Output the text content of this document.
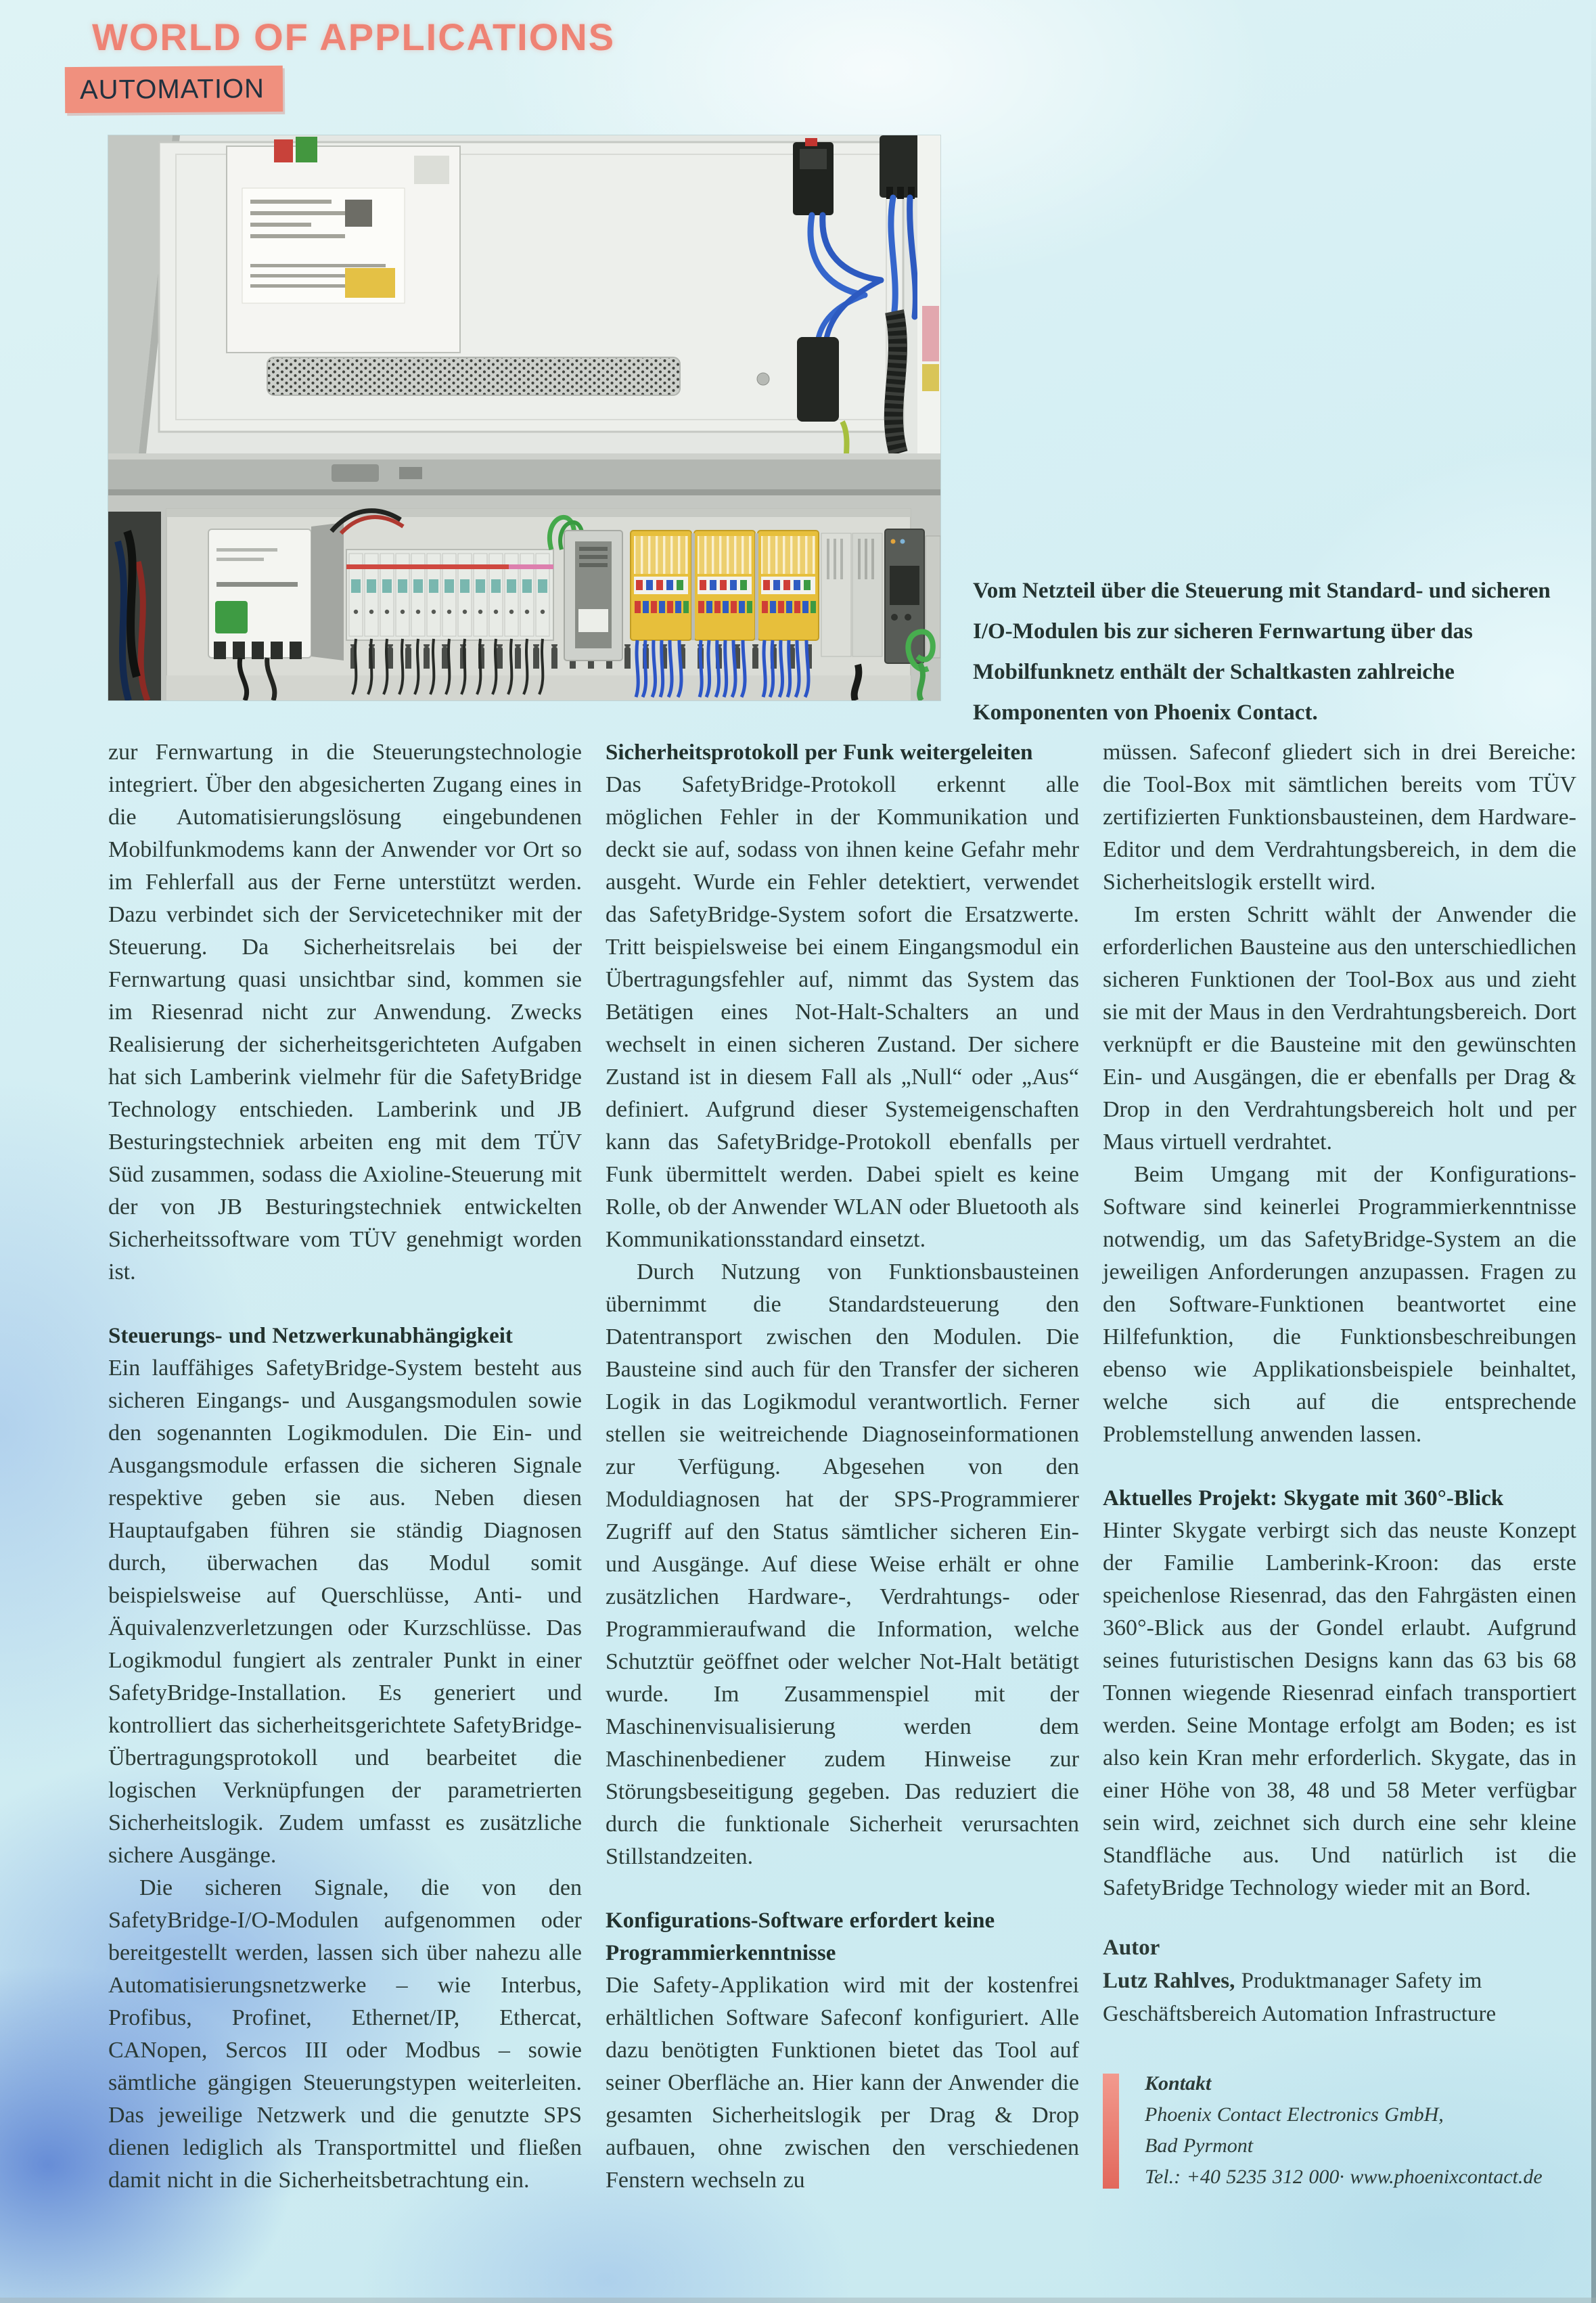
WORLD OF APPLICATIONS
AUTOMATION
Vom Netzteil über die Steuerung mit Standard- und sicheren I/O-Modulen bis zur sicheren Fernwartung über das Mobilfunknetz enthält der Schaltkasten zahlreiche Komponenten von Phoenix Contact.

zur Fernwartung in die Steuerungstechnologie integriert. Über den abgesicherten Zugang eines in die Automatisierungslösung eingebundenen Mobilfunkmodems kann der Anwender vor Ort so im Fehlerfall aus der Ferne unterstützt werden. Dazu verbindet sich der Servicetechniker mit der Steuerung. Da Sicherheitsrelais bei der Fernwartung quasi unsichtbar sind, kommen sie im Riesenrad nicht zur Anwendung. Zwecks Realisierung der sicherheitsgerichteten Aufgaben hat sich Lamberink vielmehr für die SafetyBridge Technology entschieden. Lamberink und JB Besturingstechniek arbeiten eng mit dem TÜV Süd zusammen, sodass die Axioline-Steuerung mit der von JB Besturingstechniek entwickelten Sicherheitssoftware vom TÜV genehmigt worden ist.

Steuerungs- und Netzwerkunabhängigkeit

Ein lauffähiges SafetyBridge-System besteht aus sicheren Eingangs- und Ausgangsmodulen sowie den sogenannten Logikmodulen. Die Ein- und Ausgangsmodule erfassen die sicheren Signale respektive geben sie aus. Neben diesen Hauptaufgaben führen sie ständig Diagnosen durch, überwachen das Modul somit beispielsweise auf Querschlüsse, Anti- und Äquivalenzverletzungen oder Kurzschlüsse. Das Logikmodul fungiert als zentraler Punkt in einer SafetyBridge-Installation. Es generiert und kontrolliert das sicherheitsgerichtete SafetyBridge-Übertragungsprotokoll und bearbeitet die logischen Verknüpfungen der parametrierten Sicherheitslogik. Zudem umfasst es zusätzliche sichere Ausgänge.

Die sicheren Signale, die von den SafetyBridge-I/O-Modulen aufgenommen oder bereitgestellt werden, lassen sich über nahezu alle Automatisierungsnetzwerke – wie Interbus, Profibus, Profinet, Ethernet/IP, Ethercat, CANopen, Sercos III oder Modbus – sowie sämtliche gängigen Steuerungstypen weiterleiten. Das jeweilige Netzwerk und die genutzte SPS dienen lediglich als Transportmittel und fließen damit nicht in die Sicherheitsbetrachtung ein.

Sicherheitsprotokoll per Funk weitergeleiten

Das SafetyBridge-Protokoll erkennt alle möglichen Fehler in der Kommunikation und deckt sie auf, sodass von ihnen keine Gefahr mehr ausgeht. Wurde ein Fehler detektiert, verwendet das SafetyBridge-System sofort die Ersatzwerte. Tritt beispielsweise bei einem Eingangsmodul ein Übertragungsfehler auf, nimmt das System das Betätigen eines Not-Halt-Schalters an und wechselt in einen sicheren Zustand. Der sichere Zustand ist in diesem Fall als „Null“ oder „Aus“ definiert. Aufgrund dieser Systemeigenschaften kann das SafetyBridge-Protokoll ebenfalls per Funk übermittelt werden. Dabei spielt es keine Rolle, ob der Anwender WLAN oder Bluetooth als Kommunikationsstandard einsetzt.

Durch Nutzung von Funktionsbausteinen übernimmt die Standardsteuerung den Datentransport zwischen den Modulen. Die Bausteine sind auch für den Transfer der sicheren Logik in das Logikmodul verantwortlich. Ferner stellen sie weitreichende Diagnoseinformationen zur Verfügung. Abgesehen von den Moduldiagnosen hat der SPS-Programmierer Zugriff auf den Status sämtlicher sicheren Ein- und Ausgänge. Auf diese Weise erhält er ohne zusätzlichen Hardware-, Verdrahtungs- oder Programmieraufwand die Information, welche Schutztür geöffnet oder welcher Not-Halt betätigt wurde. Im Zusammenspiel mit der Maschinenvisualisierung werden dem Maschinenbediener zudem Hinweise zur Störungsbeseitigung gegeben. Das reduziert die durch die funktionale Sicherheit verursachten Stillstandzeiten.

Konfigurations-Software erfordert keine Programmierkenntnisse

Die Safety-Applikation wird mit der kostenfrei erhältlichen Software Safeconf konfiguriert. Alle dazu benötigten Funktionen bietet das Tool auf seiner Oberfläche an. Hier kann der Anwender die gesamten Sicherheitslogik per Drag & Drop aufbauen, ohne zwischen den verschiedenen Fenstern wechseln zu

müssen. Safeconf gliedert sich in drei Bereiche: die Tool-Box mit sämtlichen bereits vom TÜV zertifizierten Funktionsbausteinen, dem Hardware-Editor und dem Verdrahtungsbereich, in dem die Sicherheitslogik erstellt wird.

Im ersten Schritt wählt der Anwender die erforderlichen Bausteine aus den unterschiedlichen sicheren Funktionen der Tool-Box aus und zieht sie mit der Maus in den Verdrahtungsbereich. Dort verknüpft er die Bausteine mit den gewünschten Ein- und Ausgängen, die er ebenfalls per Drag & Drop in den Verdrahtungsbereich holt und per Maus virtuell verdrahtet.

Beim Umgang mit der Konfigurations-Software sind keinerlei Programmierkenntnisse notwendig, um das SafetyBridge-System an die jeweiligen Anforderungen anzupassen. Fragen zu den Software-Funktionen beantwortet eine Hilfefunktion, die Funktionsbeschreibungen ebenso wie Applikationsbeispiele beinhaltet, welche sich auf die entsprechende Problemstellung anwenden lassen.

Aktuelles Projekt: Skygate mit 360°-Blick

Hinter Skygate verbirgt sich das neuste Konzept der Familie Lamberink-Kroon: das erste speichenlose Riesenrad, das den Fahrgästen einen 360°-Blick aus der Gondel erlaubt. Aufgrund seines futuristischen Designs kann das 63 bis 68 Tonnen wiegende Riesenrad einfach transportiert werden. Seine Montage erfolgt am Boden; es ist also kein Kran mehr erforderlich. Skygate, das in einer Höhe von 38, 48 und 58 Meter verfügbar sein wird, zeichnet sich durch eine sehr kleine Standfläche aus. Und natürlich ist die SafetyBridge Technology wieder mit an Bord.

Autor

Lutz Rahlves, Produktmanager Safety im Geschäftsbereich Automation Infrastructure

Kontakt
Phoenix Contact Electronics GmbH,
Bad Pyrmont
Tel.: +40 5235 312 000· www.phoenixcontact.de
